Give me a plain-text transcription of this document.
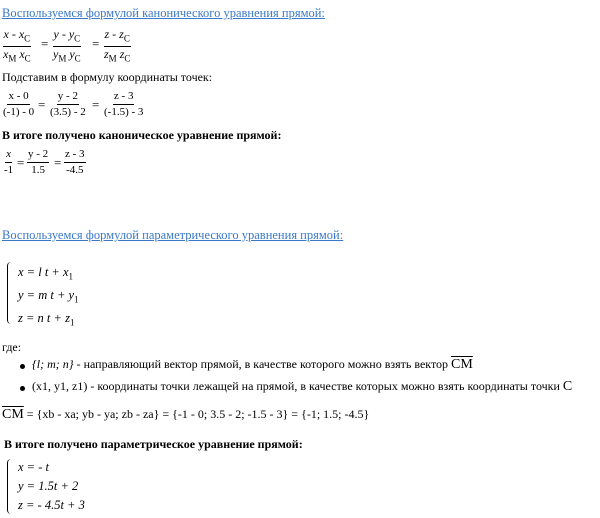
Воспользуемся формулой канонического уравнения прямой:
$\frac{x - x_C}{x_M x_C} = \frac{y - y_C}{y_M y_C} = \frac{z - z_C}{z_M z_C}$
Подставим в формулу координаты точек:
$\frac{x - 0}{(-1) - 0} = \frac{y - 2}{(3.5) - 2} = \frac{z - 3}{(-1.5) - 3}$
В итоге получено каноническое уравнение прямой:
$\frac{x}{-1} = \frac{y - 2}{1.5} = \frac{z - 3}{-4.5}$
Воспользуемся формулой параметрического уравнения прямой:
x = l $t + x_1$
y = m $t + y_1$
z = n $t + z_1$
где:
{l; m; n} - направляющий вектор прямой, в качестве которого можно взять вектор $\overline{CM}$
(x1, y1, z1) - координаты точки лежащей на прямой, в качестве которых можно взять координаты точки C
$\overline{CM} = \{xb$ - xa; yb - ya; zb - za} = {-1 - 0; 3.5 - 2; -1.5 - 3} = {-1; 1.5; -4.5}
В итоге получено параметрическое уравнение прямой:
x = - t
y = 1.5t + 2
z = - 4.5t + 3
